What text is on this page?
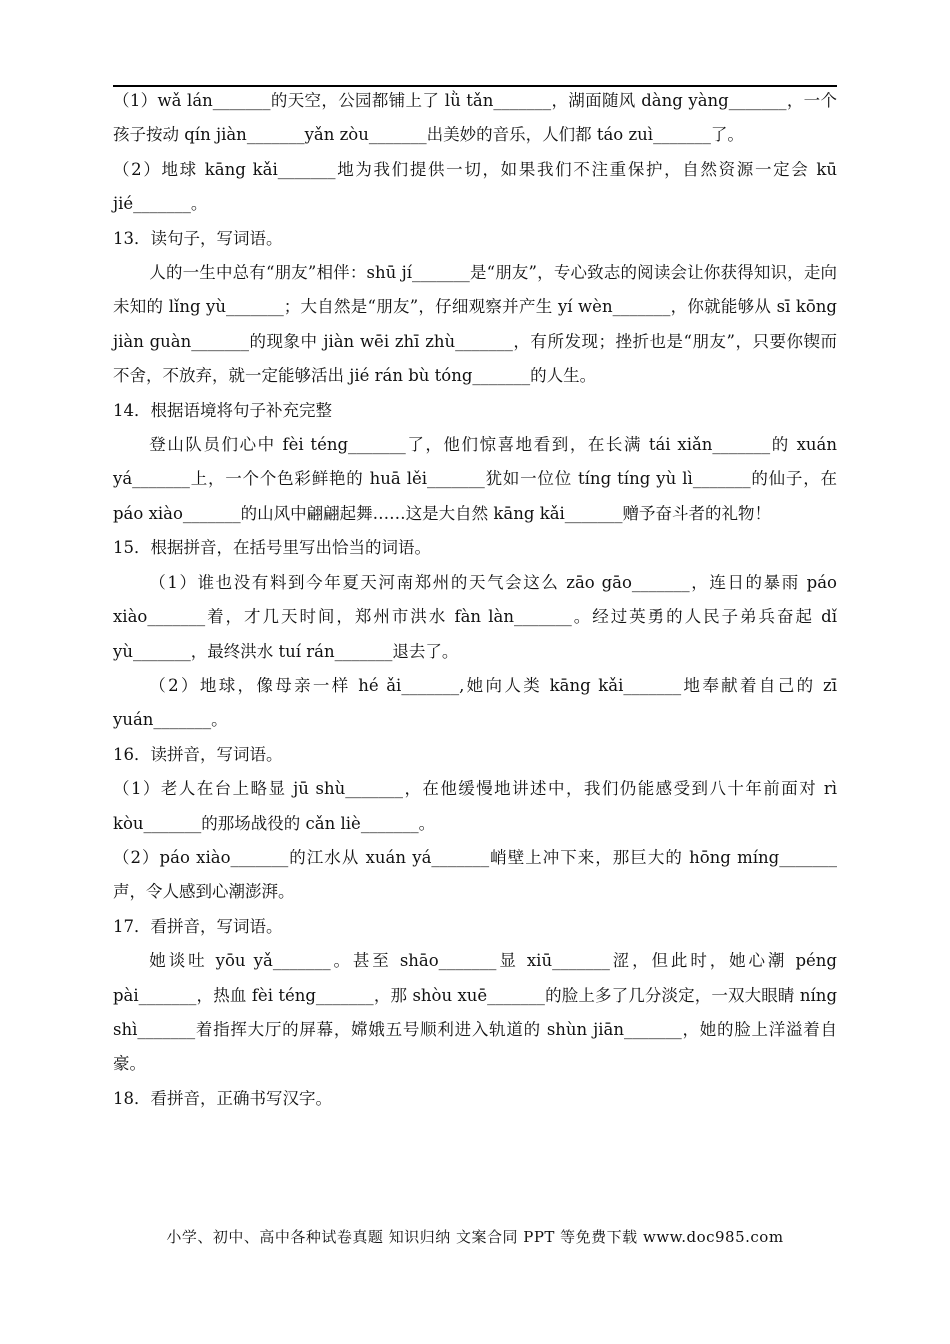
（1）wǎ lán_______的天空，公园都铺上了 lǜ tǎn_______，湖面随风 dàng yàng_______，一个孩子按动 qín jiàn_______yǎn zòu_______出美妙的音乐，人们都 táo zuì_______了。

（2）地球 kāng kǎi_______地为我们提供一切，如果我们不注重保护，自然资源一定会 kū jié_______。

13．读句子，写词语。

人的一生中总有“朋友”相伴：shū jí_______是“朋友”，专心致志的阅读会让你获得知识，走向未知的 lǐng yù_______；大自然是“朋友”，仔细观察并产生 yí wèn_______，你就能够从 sī kōng jiàn guàn_______的现象中 jiàn wēi zhī zhù_______，有所发现；挫折也是“朋友”，只要你锲而不舍，不放弃，就一定能够活出 jié rán bù tóng_______的人生。

14．根据语境将句子补充完整

登山队员们心中 fèi téng_______了，他们惊喜地看到，在长满 tái xiǎn_______的 xuán yá_______上，一个个色彩鲜艳的 huā lěi_______犹如一位位 tíng tíng yù lì_______的仙子，在 páo xiào_______的山风中翩翩起舞……这是大自然 kāng kǎi_______赠予奋斗者的礼物！

15．根据拼音，在括号里写出恰当的词语。

（1）谁也没有料到今年夏天河南郑州的天气会这么 zāo gāo_______，连日的暴雨 páo xiào_______着，才几天时间，郑州市洪水 fàn làn_______。经过英勇的人民子弟兵奋起 dǐ yù_______，最终洪水 tuí rán_______退去了。

（2）地球，像母亲一样 hé ǎi_______,她向人类 kāng kǎi_______地奉献着自己的 zī yuán_______。

16．读拼音，写词语。

（1）老人在台上略显 jū shù_______，在他缓慢地讲述中，我们仍能感受到八十年前面对 rì kòu_______的那场战役的 cǎn liè_______。

（2）páo xiào_______的江水从 xuán yá_______峭壁上冲下来，那巨大的 hōng míng_______声，令人感到心潮澎湃。

17．看拼音，写词语。

她谈吐 yōu yǎ_______。甚至 shāo_______显 xiū_______涩，但此时，她心潮 péng pài_______，热血 fèi téng_______，那 shòu xuē_______的脸上多了几分淡定，一双大眼睛 níng shì_______着指挥大厅的屏幕，嫦娥五号顺利进入轨道的 shùn jiān_______，她的脸上洋溢着自豪。

18．看拼音，正确书写汉字。

小学、初中、高中各种试卷真题 知识归纳 文案合同 PPT 等免费下载 www.doc985.com
